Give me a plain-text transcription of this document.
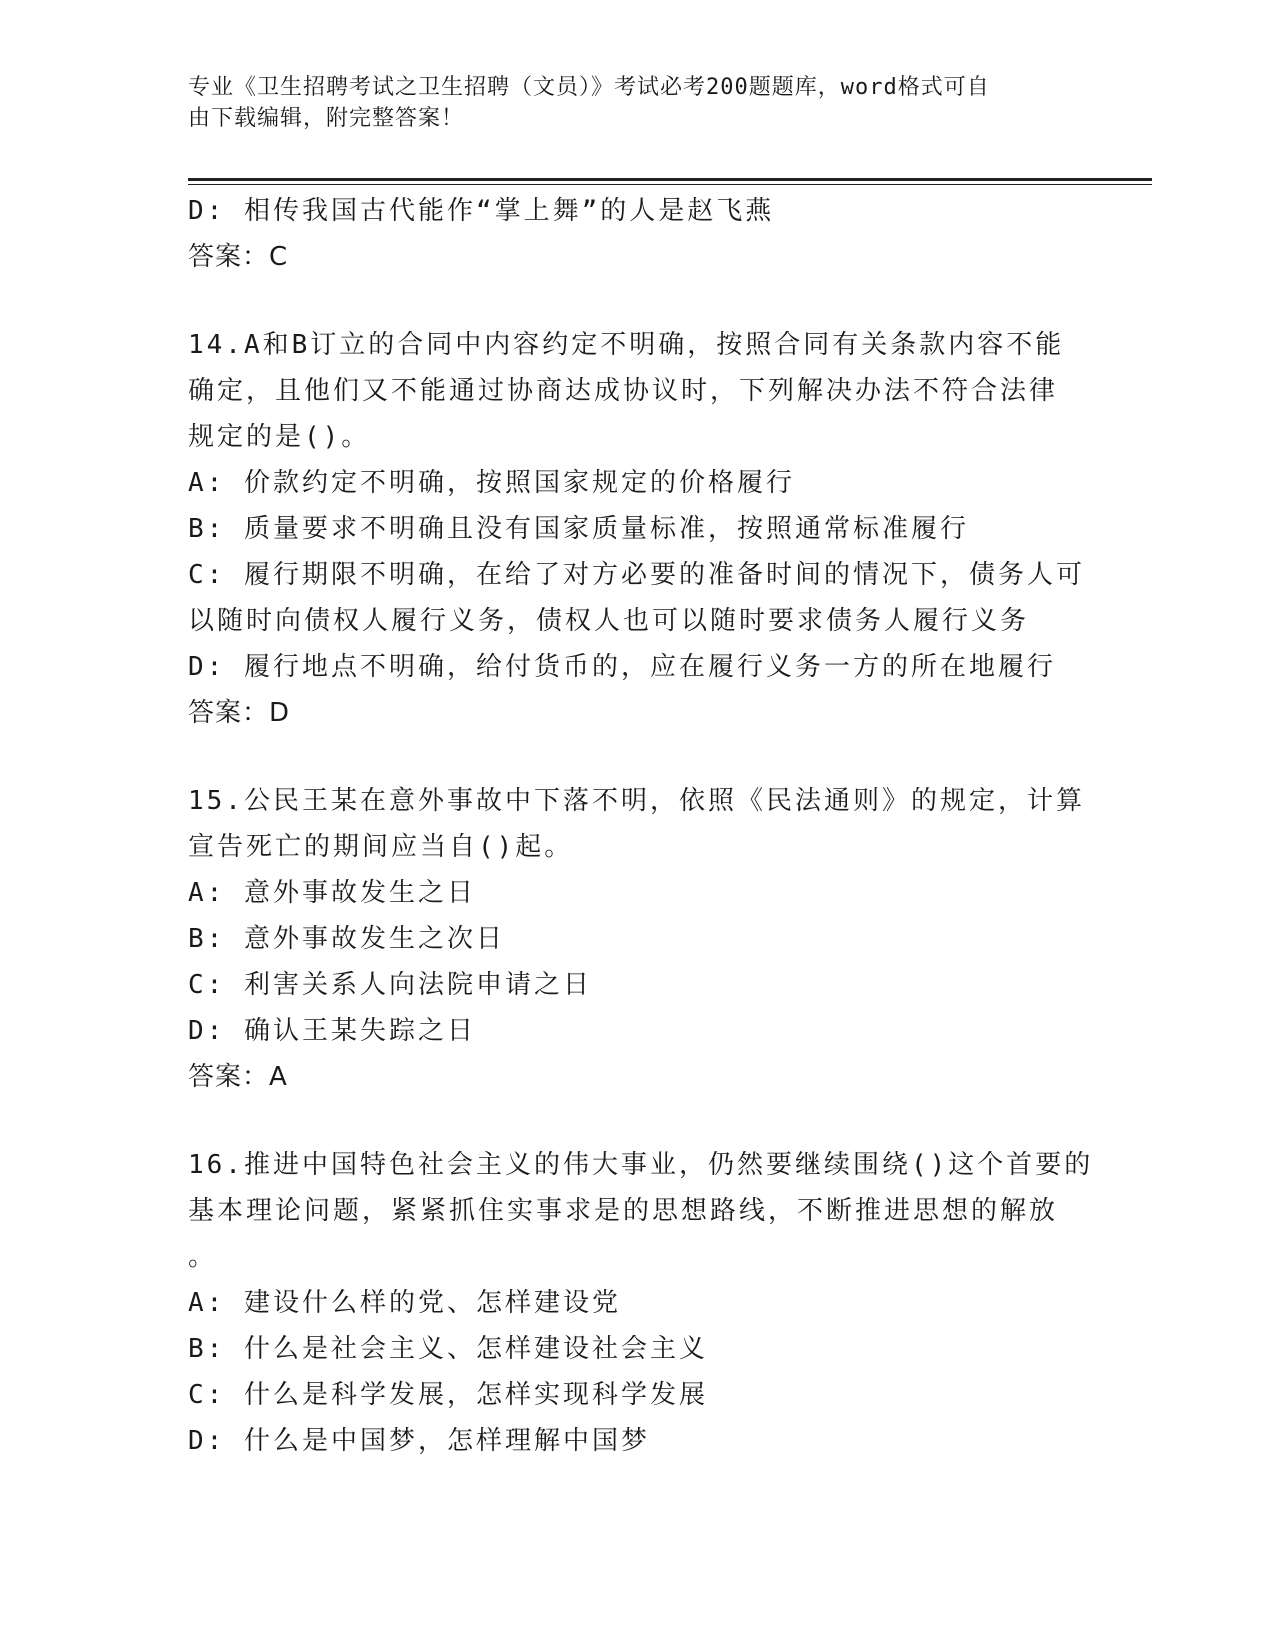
专业《卫生招聘考试之卫生招聘（文员）》考试必考200题题库，word格式可自
由下载编辑，附完整答案！
D: 相传我国古代能作“掌上舞”的人是赵飞燕
答案：C
14.A和B订立的合同中内容约定不明确，按照合同有关条款内容不能
确定，且他们又不能通过协商达成协议时，下列解决办法不符合法律
规定的是()。
A: 价款约定不明确，按照国家规定的价格履行
B: 质量要求不明确且没有国家质量标准，按照通常标准履行
C: 履行期限不明确，在给了对方必要的准备时间的情况下，债务人可
以随时向债权人履行义务，债权人也可以随时要求债务人履行义务
D: 履行地点不明确，给付货币的，应在履行义务一方的所在地履行
答案：D
15.公民王某在意外事故中下落不明，依照《民法通则》的规定，计算
宣告死亡的期间应当自()起。
A: 意外事故发生之日
B: 意外事故发生之次日
C: 利害关系人向法院申请之日
D: 确认王某失踪之日
答案：A
16.推进中国特色社会主义的伟大事业，仍然要继续围绕()这个首要的
基本理论问题，紧紧抓住实事求是的思想路线，不断推进思想的解放
。
A: 建设什么样的党、怎样建设党
B: 什么是社会主义、怎样建设社会主义
C: 什么是科学发展，怎样实现科学发展
D: 什么是中国梦，怎样理解中国梦
